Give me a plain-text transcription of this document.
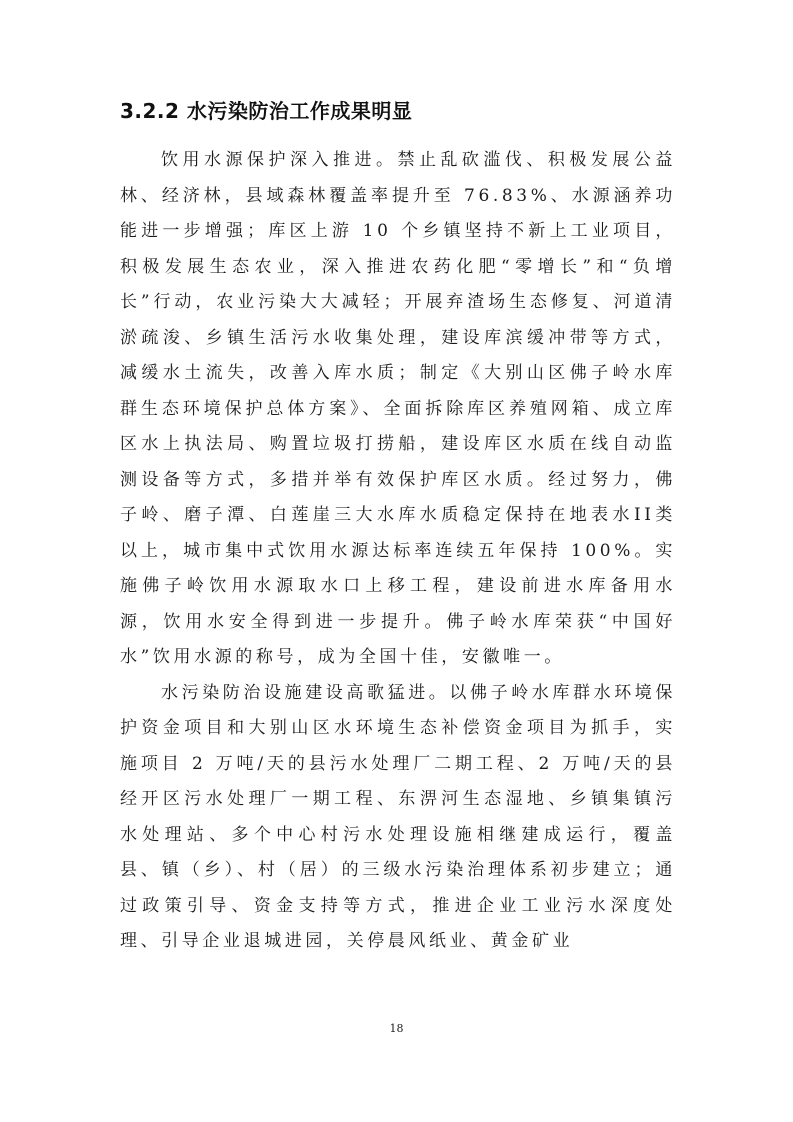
3.2.2 水污染防治工作成果明显

饮用水源保护深入推进。禁止乱砍滥伐、积极发展公益林、经济林，县域森林覆盖率提升至 76.83%、水源涵养功能进一步增强；库区上游 10 个乡镇坚持不新上工业项目，积极发展生态农业，深入推进农药化肥“零增长”和“负增长”行动，农业污染大大减轻；开展弃渣场生态修复、河道清淤疏浚、乡镇生活污水收集处理，建设库滨缓冲带等方式，减缓水土流失，改善入库水质；制定《大别山区佛子岭水库群生态环境保护总体方案》、全面拆除库区养殖网箱、成立库区水上执法局、购置垃圾打捞船，建设库区水质在线自动监测设备等方式，多措并举有效保护库区水质。经过努力，佛子岭、磨子潭、白莲崖三大水库水质稳定保持在地表水II类以上，城市集中式饮用水源达标率连续五年保持 100%。实施佛子岭饮用水源取水口上移工程，建设前进水库备用水源，饮用水安全得到进一步提升。佛子岭水库荣获“中国好水”饮用水源的称号，成为全国十佳，安徽唯一。

水污染防治设施建设高歌猛进。以佛子岭水库群水环境保护资金项目和大别山区水环境生态补偿资金项目为抓手，实施项目 2 万吨/天的县污水处理厂二期工程、2 万吨/天的县经开区污水处理厂一期工程、东淠河生态湿地、乡镇集镇污水处理站、多个中心村污水处理设施相继建成运行，覆盖县、镇（乡）、村（居）的三级水污染治理体系初步建立；通过政策引导、资金支持等方式，推进企业工业污水深度处理、引导企业退城进园，关停晨风纸业、黄金矿业

18
